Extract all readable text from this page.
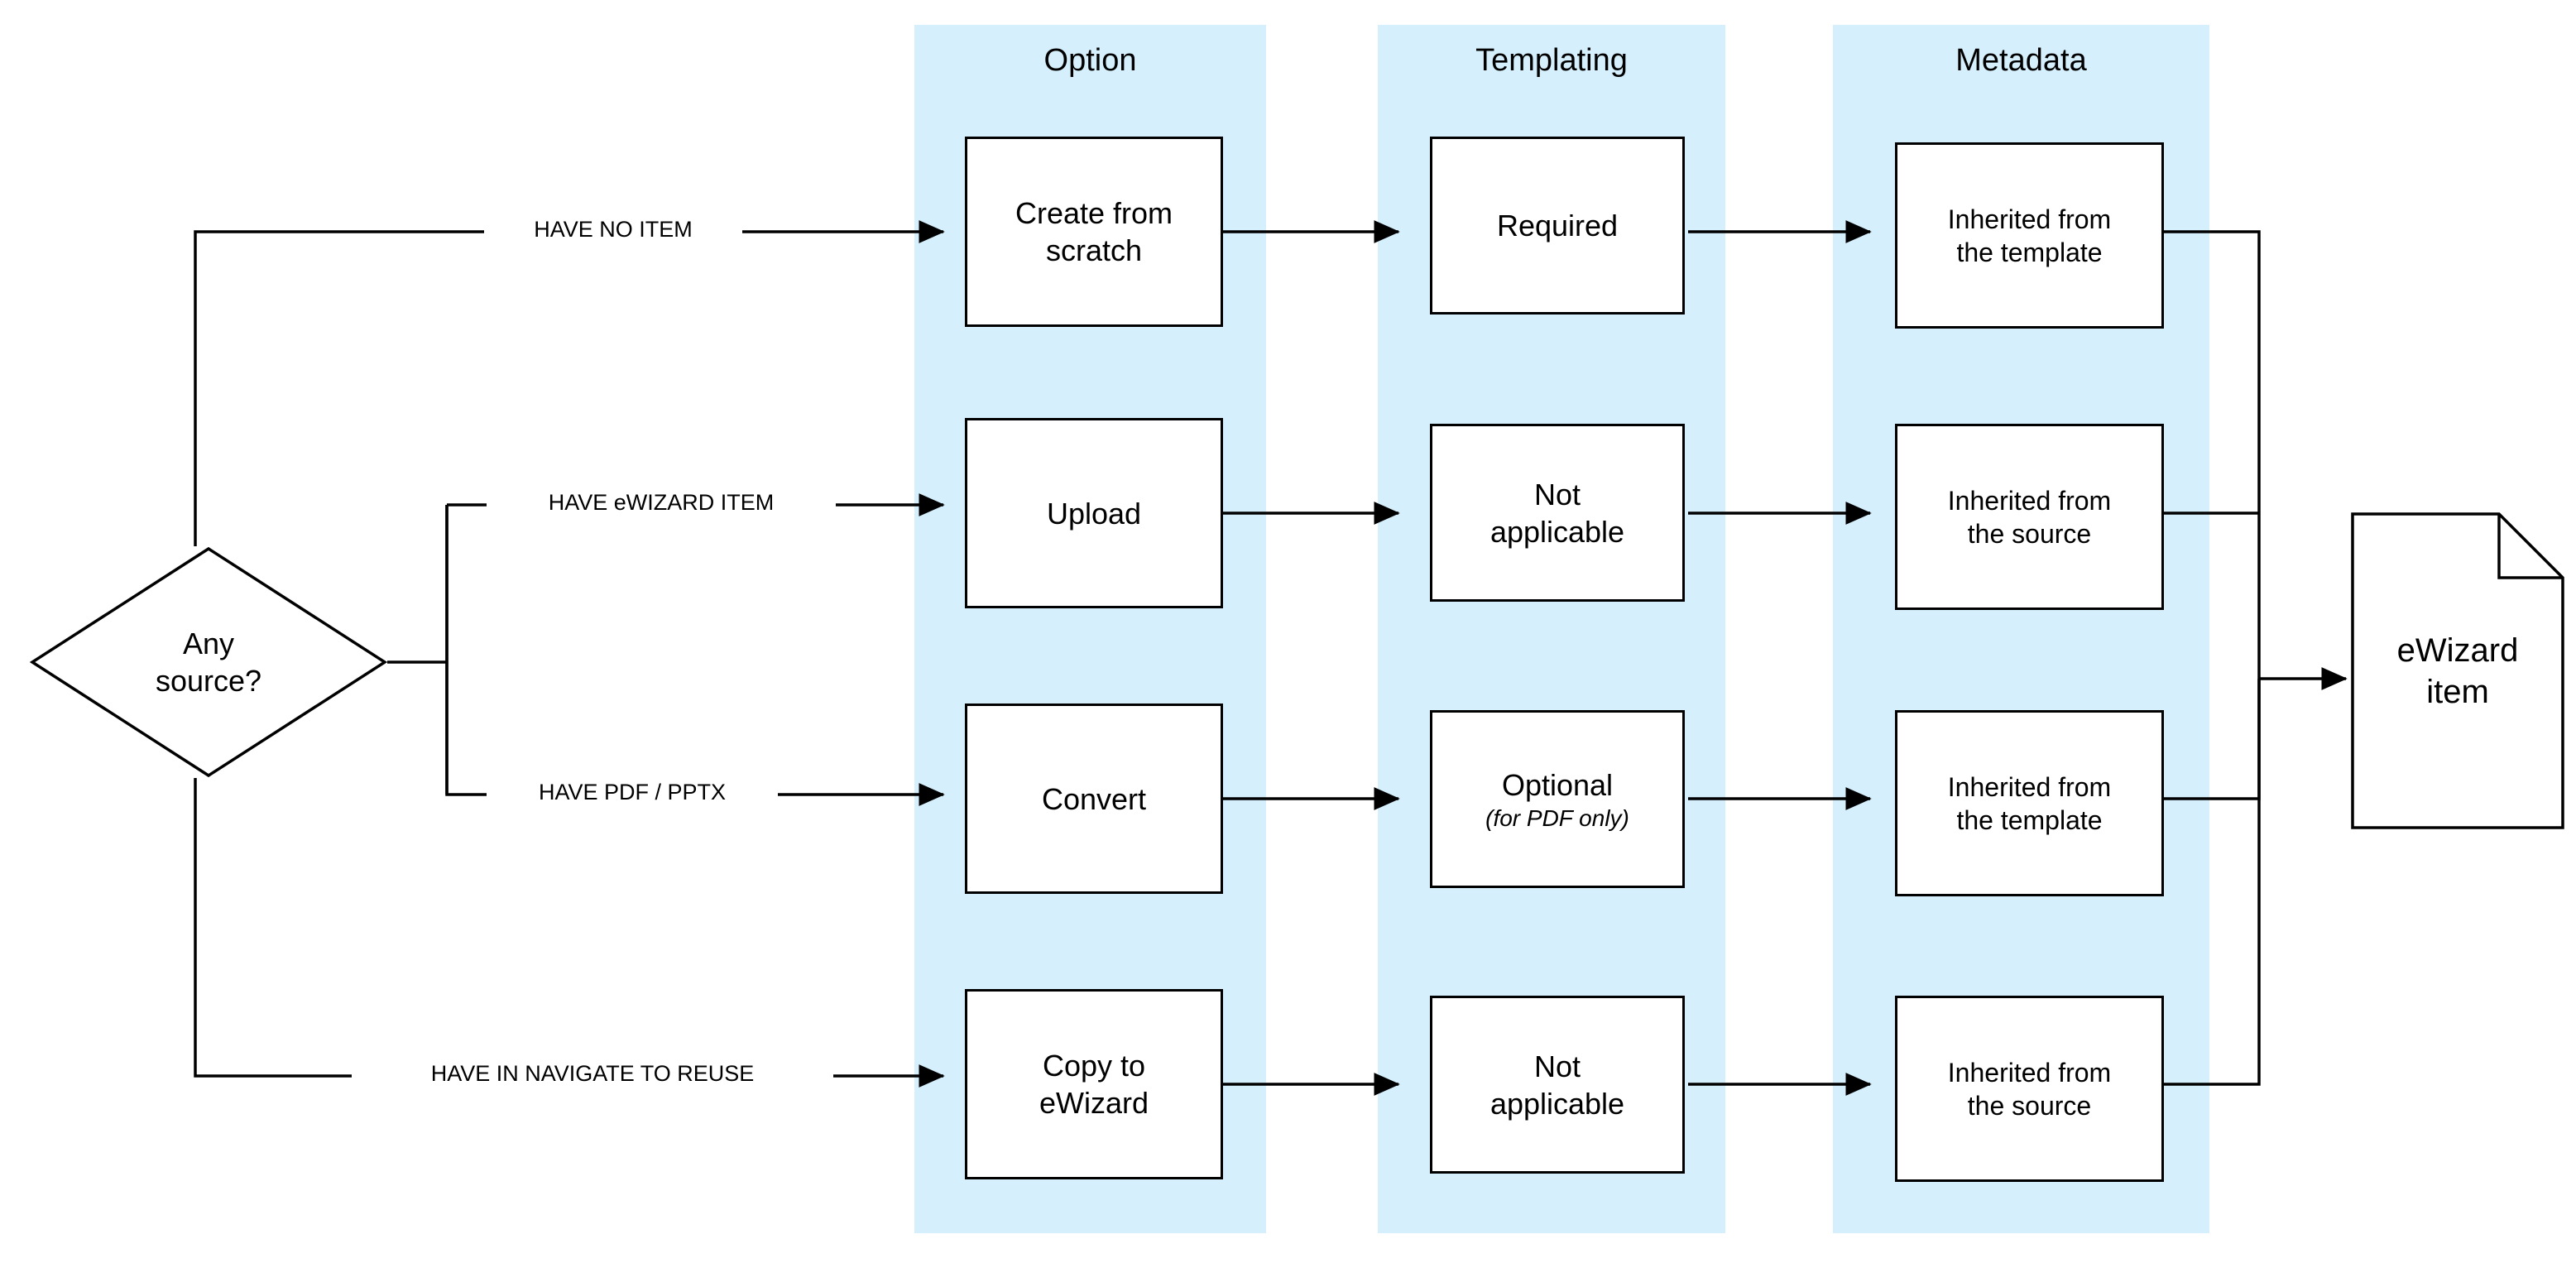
Option	Templating	Metadata
Any
source?
HAVE NO ITEM
HAVE eWIZARD ITEM
HAVE PDF / PPTX
HAVE IN NAVIGATE TO REUSE
Create from
scratch
Upload
Convert
Copy to
eWizard
Required
Not
applicable
Optional
(for PDF only)
Not
applicable
Inherited from
the template
Inherited from
the source
Inherited from
the template
Inherited from
the source
eWizard
item
